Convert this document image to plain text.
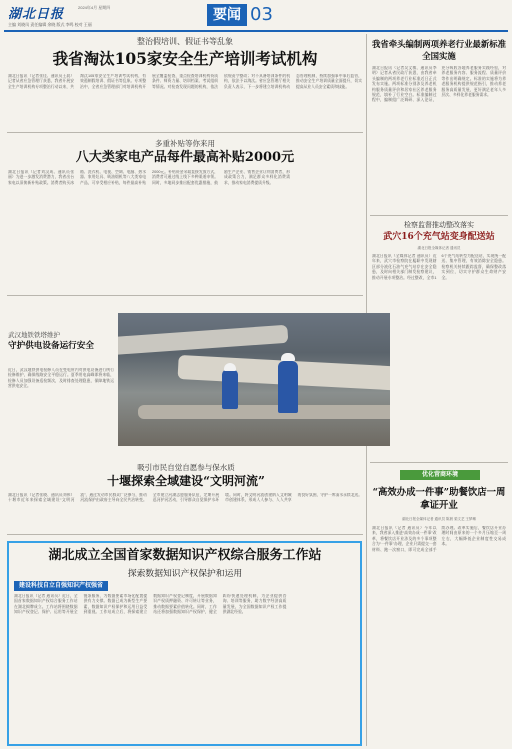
湖北日报	2024年4月 星期四
主编 刘晓凤 责任编辑 余晓 版式 李鸣 校对 王丽
要闻 03
整治假培训、假证书等乱象
我省淘汰105家安全生产培训考试机构
湖北日报讯（记者张佳、通讯员王晨）记者从省应急管理厅获悉，我省开展安全生产培训机构专项整治行动以来，共淘汰105家安全生产培训考试机构，有效遏制假培训、假证书等乱象。专项整治中，全省应急管理部门对培训机构开展全覆盖检查，重点检查培训机构资质条件、师资力量、培训档案、考试组织等情况。对检查发现问题的机构，依法依规责令整改；对不具备培训条件的机构，依法予以淘汰。省应急管理厅相关负责人表示，下一步将建立培训机构动态管理机制，持续加强事中事后监管，推动安全生产培训质量全面提升，切实提高从业人员安全素质和技能。
我省牵头编制两项养老行业最新标准全国实施
湖北日报讯（记者吴文敏、通讯员李明）记者从省民政厅获悉，由我省牵头编制的两项养老行业标准近日正式发布实施。两项标准分别涉及养老机构服务质量评价和居家社区养老服务规范，填补了行业空白。标准编制过程中，编制组广泛调研、深入论证，充分吸收各地养老服务实践经验，对养老服务内容、服务流程、质量评价等作出明确规定。标准的实施将为养老服务机构提供规范指引，推动养老服务高质量发展，更好满足老年人多层次、多样化养老服务需求。
多重补贴等你来用
八大类家电产品每件最高补贴2000元
湖北日报讯（记者刘汉成、通讯员张丽）为进一步激发消费潜力，我省出台家电以旧换新补贴政策。消费者购买冰箱、洗衣机、电视、空调、电脑、热水器、家用灶具、吸油烟机等八大类家电产品，可享受相应补贴，每件最高补贴2000元。补贴资金采取直接发放方式，消费者可通过线上线下多种渠道申领。同时，多地同步推出配套优惠措施，鼓励生产企业、销售企业让利消费者，形成政策合力，满足群众多样化消费需求，推动家电消费提质升级。
检察监督推动整改落实
武穴16个充气站变身配送站
湖北日报全媒体记者 通讯员
湖北日报讯（全媒体记者 通讯员）近年来，武穴市检察院在履职中发现辖区部分液化石油气充气站存在安全隐患，及时向相关部门制发检察建议，推动开展专项整治。经过整改，全市16个充气站转型为配送站，实现统一配送、集中管理，有效消除安全隐患。检察机关持续跟踪监督，确保整改落实到位，切实守护群众生命财产安全。
武汉地铁铁塔维护
守护供电设备运行安全
近日，武汉地铁供电检修人员在变电所内对供电设备进行例行检修维护，确保线路安全平稳运行。夏季用电高峰即将来临，检修人员加强设备巡检频次，及时排查处理隐患，保障地铁运营供电安全。
吸引市民自觉自愿参与保水质
十堰探索全域建设“文明河流”
湖北日报讯（记者张晓、通讯员刘伟）十堰市近年来探索全域建设“文明河流”，通过发动市民群众广泛参与，推动河流保护由政府主导向全民共治转变。全市建立河湖志愿服务队伍，定期开展巡河护河活动，引导群众自觉保护水环境。同时，将文明河流创建纳入文明城市创建体系，形成人人参与、人人共享的良好氛围，守护一库清水永续北送。
优化营商环境
“高效办成一件事”助餐饮店一周拿证开业
湖北日报全媒体记者 通讯员 陈晨 梁文艺 王梦琳
湖北日报讯（记者 通讯员）今年以来，我省深入推进“高效办成一件事”改革，将餐饮店开业涉及的多个事项整合为“一件事”办理，企业只需提交一套材料、跑一次窗口，即可完成全部手续办理。改革实施后，餐饮店开业办理时间由原来的一个多月压缩至一周左右，大幅降低企业制度性交易成本。
湖北成立全国首家数据知识产权综合服务工作站
探索数据知识产权保护和运用
建设科技自立自强知识产权强省
湖北日报讯（记者 通讯员）近日，全国首家数据知识产权综合服务工作站在湖北揭牌成立。工作站将围绕数据知识产权登记、保护、运用等开展全链条服务，为数据要素市场化配置提供有力支撑。数据已成为新型生产要素，数据知识产权保护和运用日益受到重视。工作站成立后，将探索建立数据知识产权登记制度，开展数据知识产权质押融资、许可转让等业务，推动数据要素价值转化。同时，工作站还将加强数据知识产权保护，健全纠纷快速处理机制，为企业提供咨询、培训等服务，助力数字经济高质量发展，为全国数据知识产权工作提供湖北经验。
